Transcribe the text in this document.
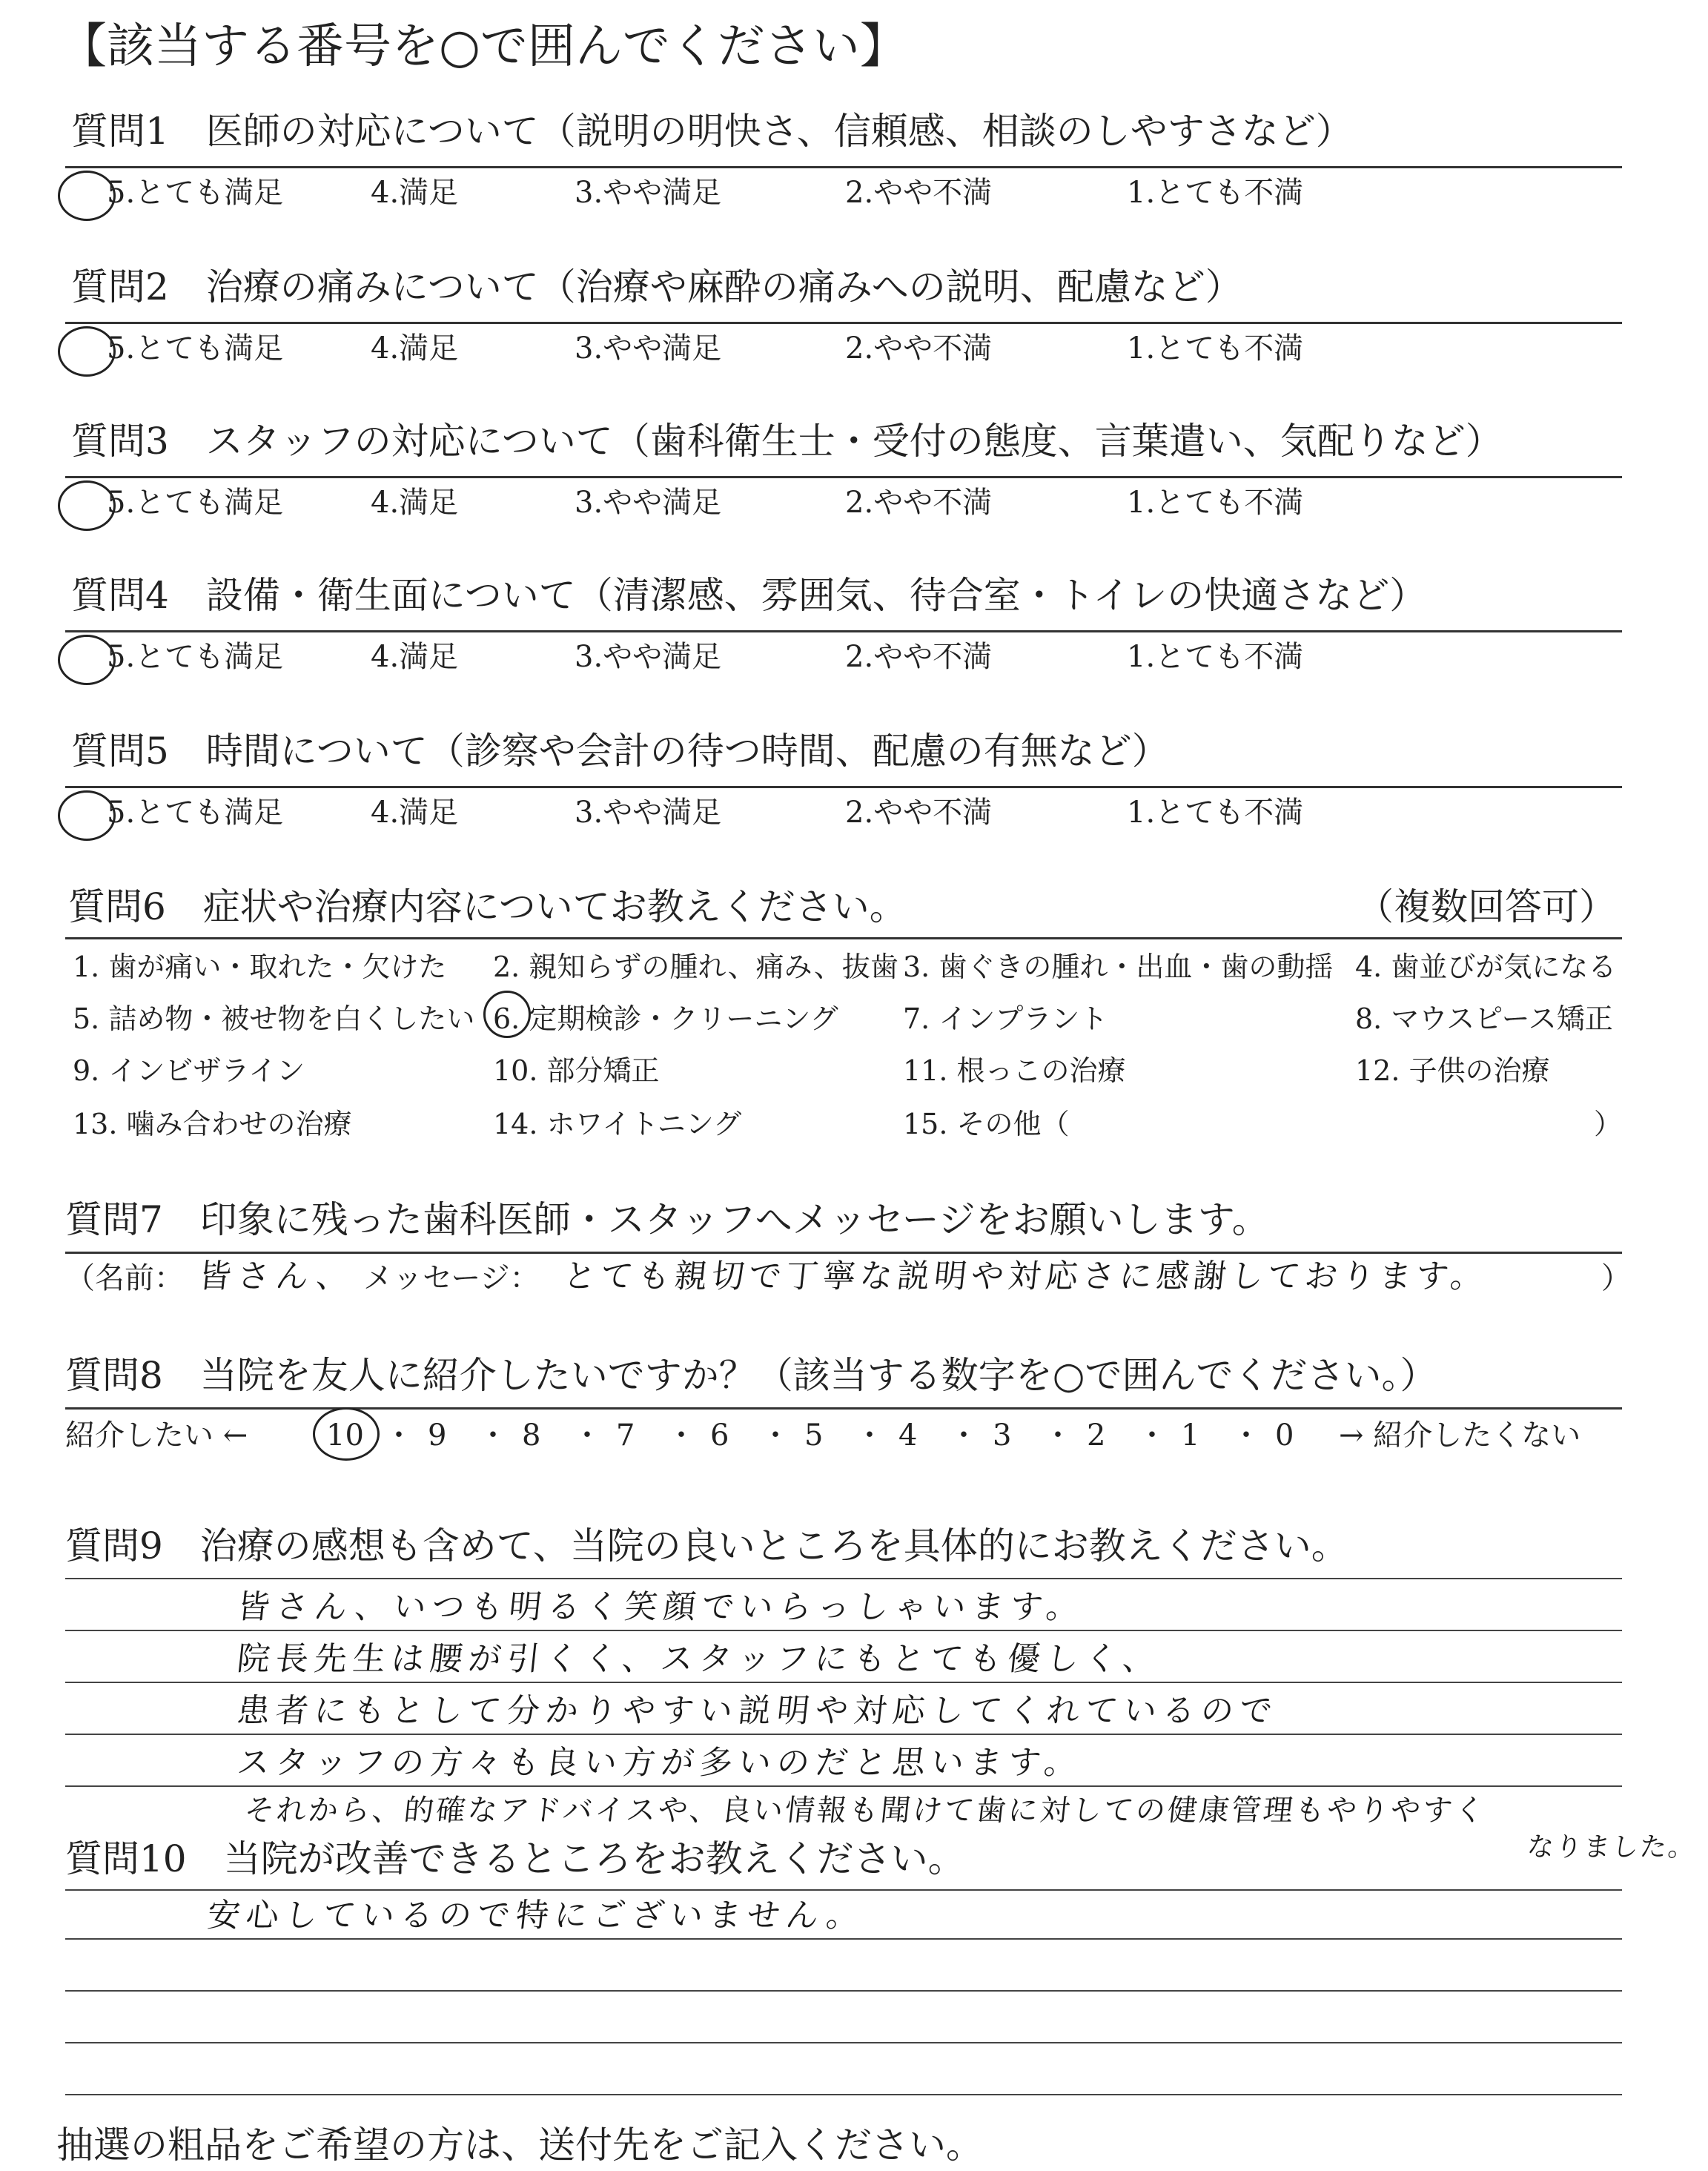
【該当する番号を○で囲んでください】
質問1　医師の対応について（説明の明快さ、信頼感、相談のしやすさなど）
5.とても満足	4.満足	3.やや満足	2.やや不満	1.とても不満
質問2　治療の痛みについて（治療や麻酔の痛みへの説明、配慮など）
5.とても満足	4.満足	3.やや満足	2.やや不満	1.とても不満
質問3　スタッフの対応について（歯科衛生士・受付の態度、言葉遣い、気配りなど）
5.とても満足	4.満足	3.やや満足	2.やや不満	1.とても不満
質問4　設備・衛生面について（清潔感、雰囲気、待合室・トイレの快適さなど）
5.とても満足	4.満足	3.やや満足	2.やや不満	1.とても不満
質問5　時間について（診察や会計の待つ時間、配慮の有無など）
5.とても満足	4.満足	3.やや満足	2.やや不満	1.とても不満
質問6　症状や治療内容についてお教えください。	（複数回答可）
1. 歯が痛い・取れた・欠けた 2. 親知らずの腫れ、痛み、抜歯 3. 歯ぐきの腫れ・出血・歯の動揺 4. 歯並びが気になる
5. 詰め物・被せ物を白くしたい 6. 定期検診・クリーニング 7. インプラント	8. マウスピース矯正
9. インビザライン	10. 部分矯正	11. 根っこの治療	12. 子供の治療
13. 噛み合わせの治療	14. ホワイトニング	15. その他（	）
質問7　印象に残った歯科医師・スタッフへメッセージをお願いします。
（名前： 皆さん、 メッセージ： とても親切で丁寧な説明や対応さに感謝しております。	）
質問8　当院を友人に紹介したいですか？（該当する数字を○で囲んでください。）
紹介したい ←	10 ・ 9 ・ 8 ・ 7 ・ 6 ・ 5 ・ 4 ・ 3 ・ 2 ・ 1 ・ 0 → 紹介したくない
質問9　治療の感想も含めて、当院の良いところを具体的にお教えください。
皆さん、いつも明るく笑顔でいらっしゃいます。
院長先生は腰が引くく、スタッフにもとても優しく、
患者にもとして分かりやすい説明や対応してくれているので
スタッフの方々も良い方が多いのだと思います。
それから、的確なアドバイスや、良い情報も聞けて歯に対しての健康管理もやりやすく
なりました。
質問10　当院が改善できるところをお教えください。
安心しているので特にございません。
抽選の粗品をご希望の方は、送付先をご記入ください。
